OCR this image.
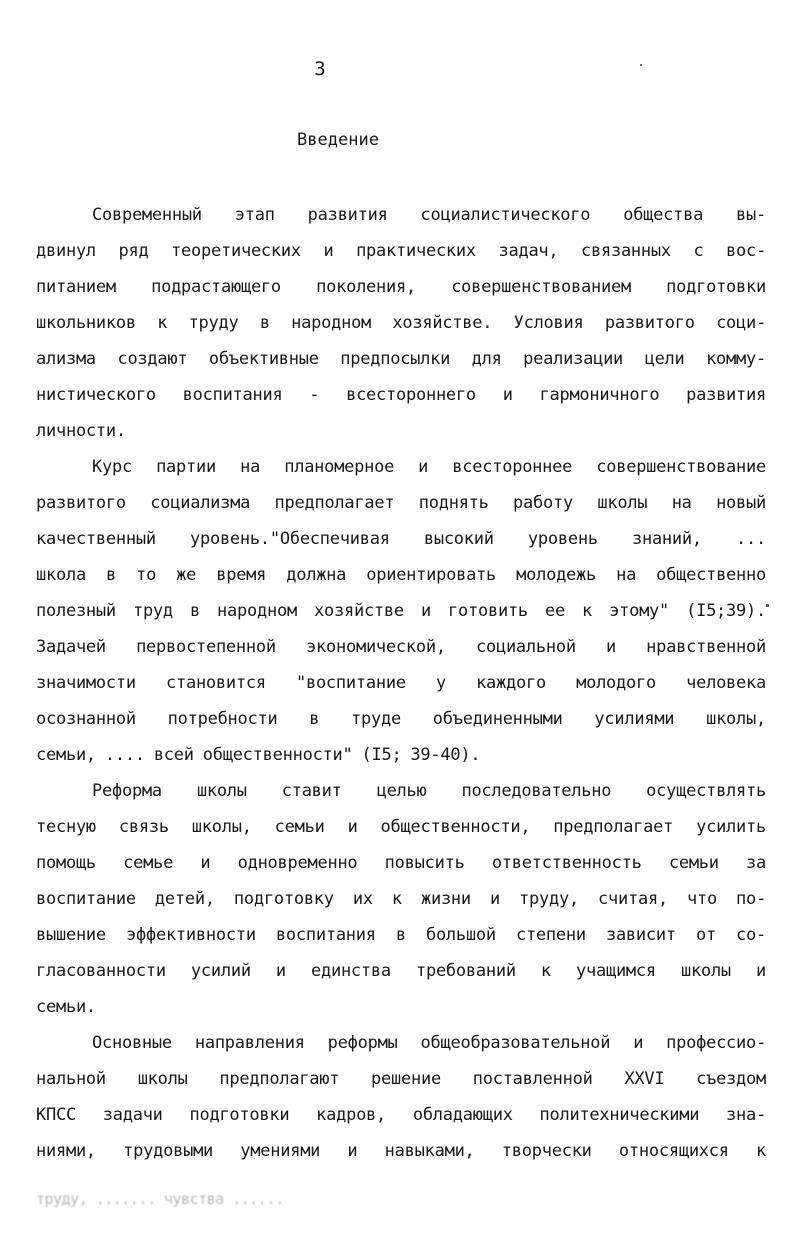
3
Введение
Современный этап развития социалистического общества вы-
двинул ряд теоретических и практических задач, связанных с вос-
питанием подрастающего поколения, совершенствованием подготовки
школьников к труду в народном хозяйстве. Условия развитого соци-
ализма создают объективные предпосылки для реализации цели комму-
нистического воспитания - всестороннего и гармоничного развития
личности.
Курс партии на планомерное и всестороннее совершенствование
развитого социализма предполагает поднять работу школы на новый
качественный уровень."Обеспечивая высокий уровень знаний, ...
школа в то же время должна ориентировать молодежь на общественно
полезный труд в народном хозяйстве и готовить ее к этому" (I5;39).
Задачей первостепенной экономической, социальной и нравственной
значимости становится "воспитание у каждого молодого человека
осознанной потребности в труде объединенными усилиями школы,
семьи, .... всей общественности" (I5; 39-40).
Реформа школы ставит целью последовательно осуществлять
тесную связь школы, семьи и общественности, предполагает усилить
помощь семье и одновременно повысить ответственность семьи за
воспитание детей, подготовку их к жизни и труду, считая, что по-
вышение эффективности воспитания в большой степени зависит от со-
гласованности усилий и единства требований к учащимся школы и
семьи.
Основные направления реформы общеобразовательной и профессио-
нальной школы предполагают решение поставленной XXVI съездом
КПСС задачи подготовки кадров, обладающих политехническими зна-
ниями, трудовыми умениями и навыками, творчески относящихся к
труду, ....... чувства ......
